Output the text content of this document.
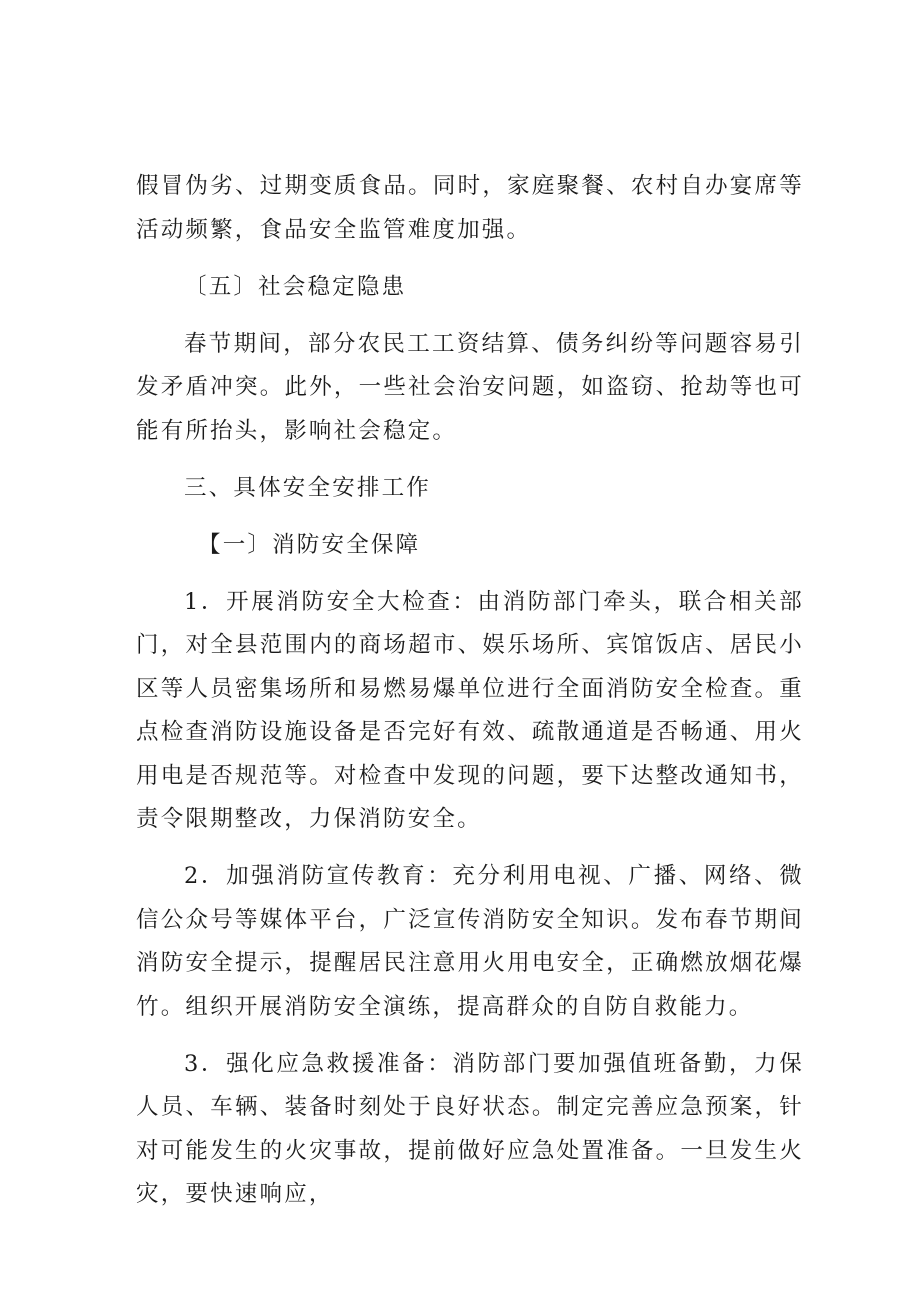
假冒伪劣、过期变质食品。同时，家庭聚餐、农村自办宴席等活动频繁，食品安全监管难度加强。

〔五〕社会稳定隐患

春节期间，部分农民工工资结算、债务纠纷等问题容易引发矛盾冲突。此外，一些社会治安问题，如盗窃、抢劫等也可能有所抬头，影响社会稳定。

三、具体安全安排工作

【一〕消防安全保障

1．开展消防安全大检查：由消防部门牵头，联合相关部门，对全县范围内的商场超市、娱乐场所、宾馆饭店、居民小区等人员密集场所和易燃易爆单位进行全面消防安全检查。重点检查消防设施设备是否完好有效、疏散通道是否畅通、用火用电是否规范等。对检查中发现的问题，要下达整改通知书，责令限期整改，力保消防安全。

2．加强消防宣传教育：充分利用电视、广播、网络、微信公众号等媒体平台，广泛宣传消防安全知识。发布春节期间消防安全提示，提醒居民注意用火用电安全，正确燃放烟花爆竹。组织开展消防安全演练，提高群众的自防自救能力。

3．强化应急救援准备：消防部门要加强值班备勤，力保人员、车辆、装备时刻处于良好状态。制定完善应急预案，针对可能发生的火灾事故，提前做好应急处置准备。一旦发生火灾，要快速响应，
